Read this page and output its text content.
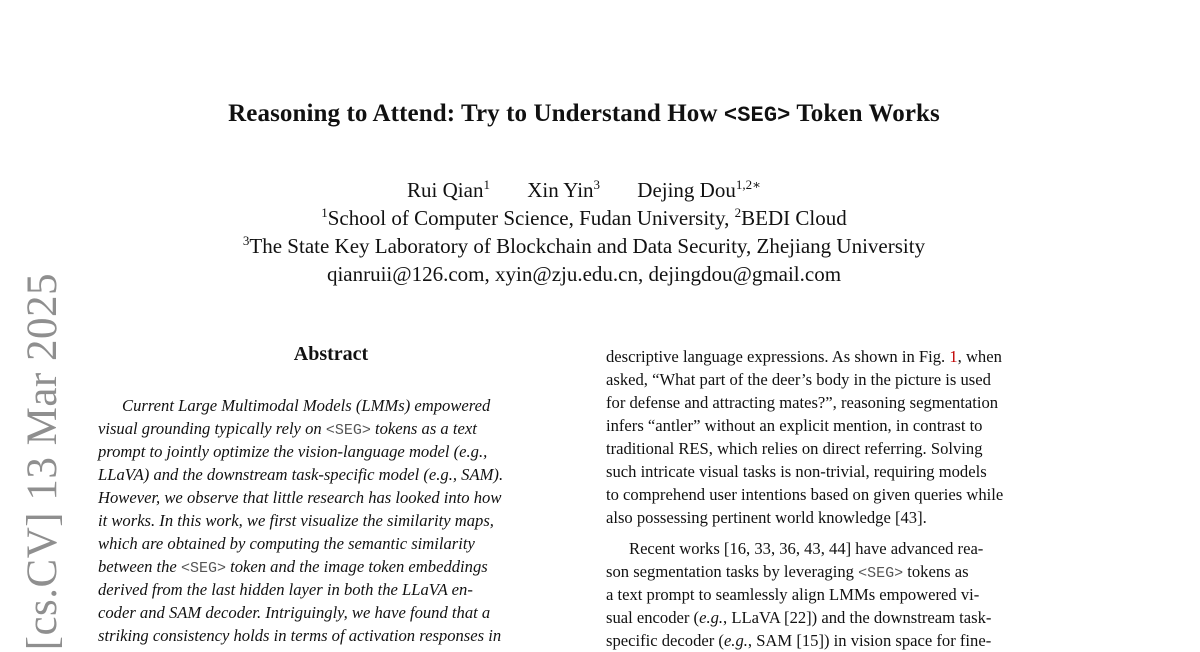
Reasoning to Attend: Try to Understand How <SEG> Token Works
Rui Qian$^1$ Xin Yin$^3$ Dejing Dou$^{1,2∗}$
$^1$School of Computer Science, Fudan University, $^2$BEDI Cloud
$^3$The State Key Laboratory of Blockchain and Data Security, Zhejiang University
qianruii@126.com, xyin@zju.edu.cn, dejingdou@gmail.com
[cs.CV] 13 Mar 2025	Abstract
Current Large Multimodal Models (LMMs) empowered
visual grounding typically rely on <SEG> tokens as a text
prompt to jointly optimize the vision-language model (e.g.,
LLaVA) and the downstream task-specific model (e.g., SAM).
However, we observe that little research has looked into how
it works. In this work, we first visualize the similarity maps,
which are obtained by computing the semantic similarity
between the <SEG> token and the image token embeddings
derived from the last hidden layer in both the LLaVA en-
coder and SAM decoder. Intriguingly, we have found that a
striking consistency holds in terms of activation responses in
descriptive language expressions. As shown in Fig. 1, when
asked, “What part of the deer’s body in the picture is used
for defense and attracting mates?”, reasoning segmentation
infers “antler” without an explicit mention, in contrast to
traditional RES, which relies on direct referring. Solving
such intricate visual tasks is non-trivial, requiring models
to comprehend user intentions based on given queries while
also possessing pertinent world knowledge [43].
Recent works [16, 33, 36, 43, 44] have advanced rea-
son segmentation tasks by leveraging <SEG> tokens as
a text prompt to seamlessly align LMMs empowered vi-
sual encoder (e.g., LLaVA [22]) and the downstream task-
specific decoder (e.g., SAM [15]) in vision space for fine-
